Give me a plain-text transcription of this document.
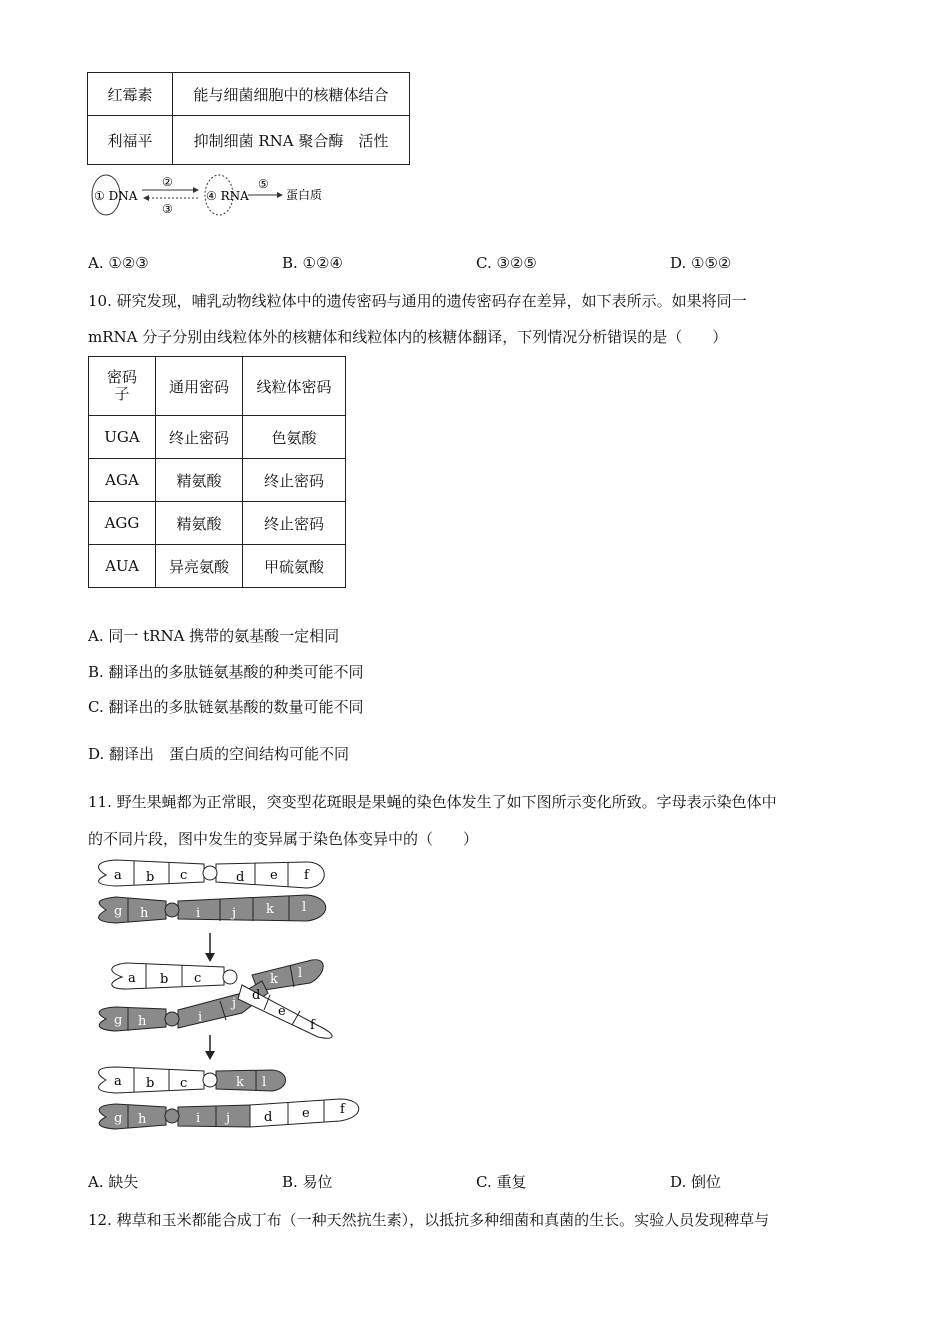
红霉素	能与细菌细胞中的核糖体结合
利福平	抑制细菌 RNA 聚合酶　活性
① DNA
②
③
④ RNA
⑤
蛋白质
A. ①②③	B. ①②④	C. ③②⑤	D. ①⑤②
10. 研究发现，哺乳动物线粒体中的遗传密码与通用的遗传密码存在差异，如下表所示。如果将同一
mRNA 分子分别由线粒体外的核糖体和线粒体内的核糖体翻译，下列情况分析错误的是（　　）
密码
子	通用密码	线粒体密码
UGA	终止密码	色氨酸
AGA	精氨酸	终止密码
AGG	精氨酸	终止密码
AUA	异亮氨酸	甲硫氨酸
A. 同一 tRNA 携带的氨基酸一定相同
B. 翻译出的多肽链氨基酸的种类可能不同
C. 翻译出的多肽链氨基酸的数量可能不同
D. 翻译出　蛋白质的空间结构可能不同
11. 野生果蝇都为正常眼，突变型花斑眼是果蝇的染色体发生了如下图所示变化所致。字母表示染色体中
的不同片段，图中发生的变异属于染色体变异中的（　　）
a b c	d e f
g h	i j k l
k l
a b c
g h	i
j
d
e
f
a b c	k l
g h	i j	d e f
A. 缺失	B. 易位	C. 重复	D. 倒位
12. 稗草和玉米都能合成丁布（一种天然抗生素），以抵抗多种细菌和真菌的生长。实验人员发现稗草与
